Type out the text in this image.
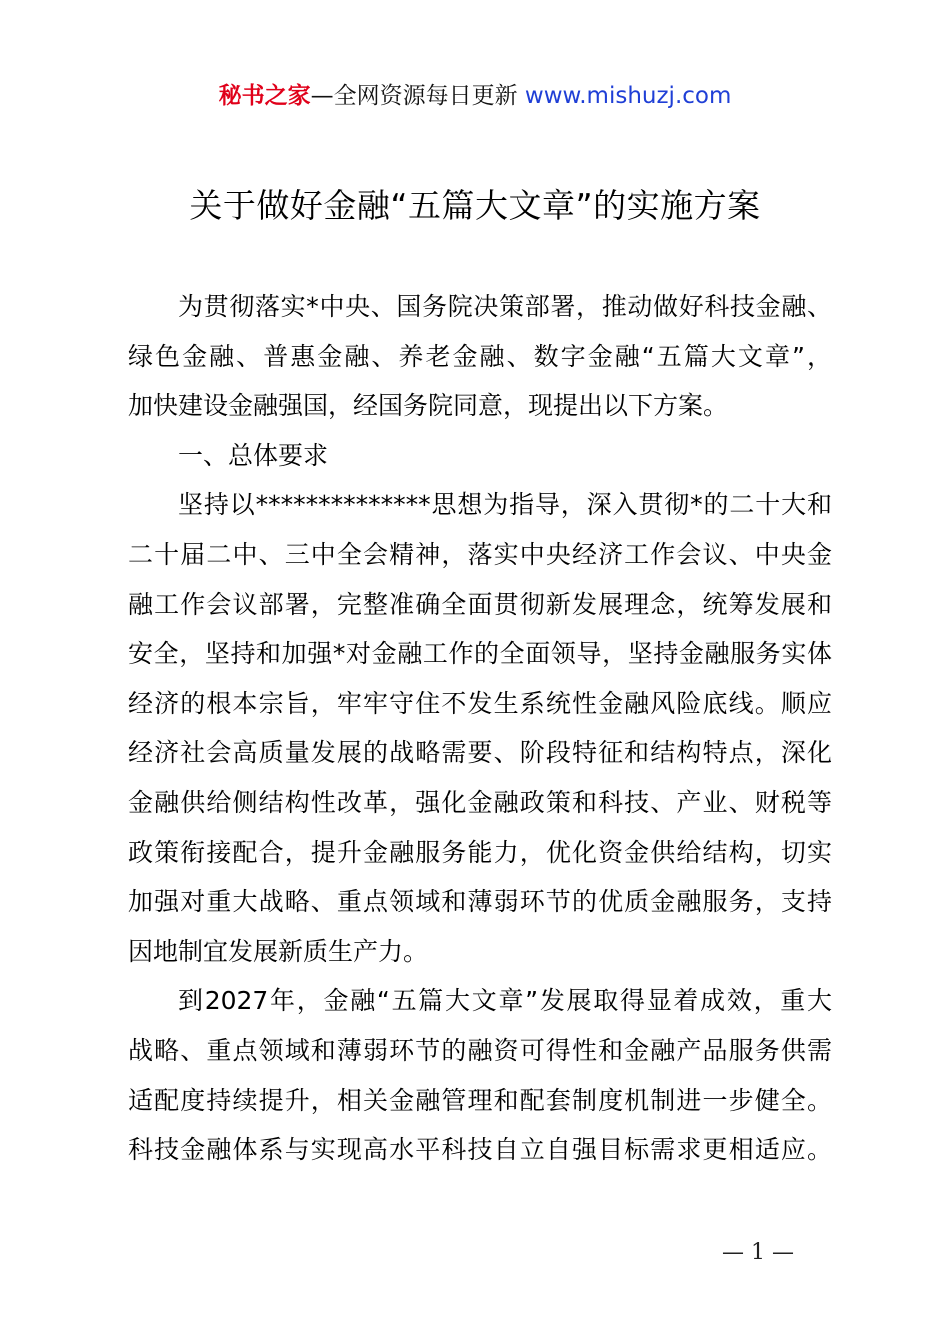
秘书之家—全网资源每日更新 www.mishuzj.com
关于做好金融“五篇大文章”的实施方案
为贯彻落实*中央、国务院决策部署，推动做好科技金融、
绿色金融、普惠金融、养老金融、数字金融“五篇大文章”，
加快建设金融强国，经国务院同意，现提出以下方案。
一、总体要求
坚持以**************思想为指导，深入贯彻*的二十大和
二十届二中、三中全会精神，落实中央经济工作会议、中央金
融工作会议部署，完整准确全面贯彻新发展理念，统筹发展和
安全，坚持和加强*对金融工作的全面领导，坚持金融服务实体
经济的根本宗旨，牢牢守住不发生系统性金融风险底线。顺应
经济社会高质量发展的战略需要、阶段特征和结构特点，深化
金融供给侧结构性改革，强化金融政策和科技、产业、财税等
政策衔接配合，提升金融服务能力，优化资金供给结构，切实
加强对重大战略、重点领域和薄弱环节的优质金融服务，支持
因地制宜发展新质生产力。
到2027年，金融“五篇大文章”发展取得显着成效，重大
战略、重点领域和薄弱环节的融资可得性和金融产品服务供需
适配度持续提升，相关金融管理和配套制度机制进一步健全。
科技金融体系与实现高水平科技自立自强目标需求更相适应。
— 1 —
